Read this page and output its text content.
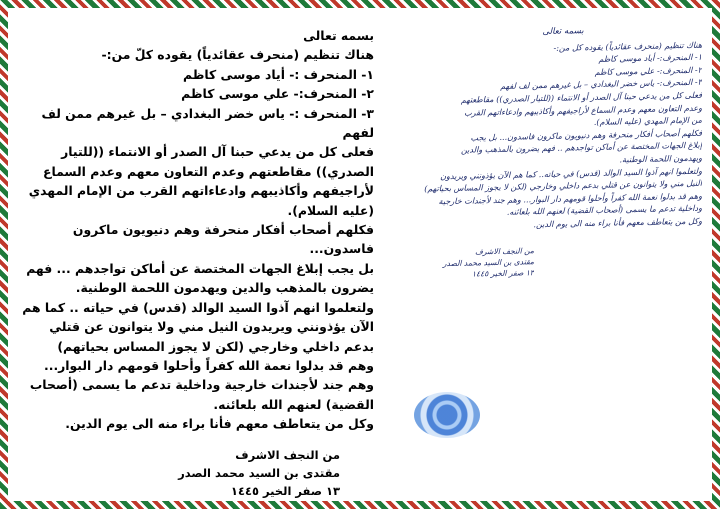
بسمه تعالى

هناك تنظيم (منحرف عقائدياً) يقوده كلّ من:-

١- المنحرف :- أياد موسى كاظم

٢- المنحرف:- علي موسى كاظم

٣- المنحرف :- ياس خضر البغدادي – بل غيرهم ممن لف لفهم

فعلى كل من يدعي حبنا آل الصدر أو الانتماء ((للتيار الصدري)) مقاطعتهم وعدم التعاون معهم وعدم السماع لأراجيفهم وأكاذيبهم وادعاءاتهم القرب من الإمام المهدي (عليه السلام).

فكلهم أصحاب أفكار منحرفة وهم دنيويون ماكرون فاسدون...

بل يجب إبلاغ الجهات المختصة عن أماكن تواجدهم ... فهم يضرون بالمذهب والدين ويهدمون اللحمة الوطنية.

ولتعلموا انهم آذوا السيد الوالد (قدس) في حياته .. كما هم الآن يؤذونني ويريدون النيل مني ولا يتوانون عن قتلي بدعم داخلي وخارجي (لكن لا يجوز المساس بحياتهم)

وهم قد بدلوا نعمة الله كفراً وأحلوا قومهم دار البوار... وهم جند لأجندات خارجية وداخلية تدعم ما يسمى (أصحاب القضية) لعنهم الله بلعائنه.

وكل من يتعاطف معهم فأنا براء منه الى يوم الدين.

من النجف الاشرف

مقتدى بن السيد محمد الصدر

١٣ صفر الخير ١٤٤٥

بسمه تعالى

هناك تنظيم (منحرف عقائدياً) يقوده كل من:-

١- المنحرف:- أياد موسى كاظم

٢- المنحرف:- علي موسى كاظم

٣- المنحرف:- ياس خضر البغدادي – بل غيرهم ممن لف لفهم

فعلى كل من يدعي حبنا آل الصدر أو الانتماء ((للتيار الصدري)) مقاطعتهم

وعدم التعاون معهم وعدم السماع لأراجيفهم وأكاذيبهم وادعاءاتهم القرب

من الإمام المهدي (عليه السلام).

فكلهم أصحاب أفكار منحرفة وهم دنيويون ماكرون فاسدون... بل يجب

إبلاغ الجهات المختصة عن أماكن تواجدهم .. فهم يضرون بالمذهب والدين

ويهدمون اللحمة الوطنية.

ولتعلموا انهم آذوا السيد الوالد (قدس) في حياته.. كما هم الآن يؤذونني ويريدون

النيل مني ولا يتوانون عن قتلي بدعم داخلي وخارجي (لكن لا يجوز المساس بحياتهم)

وهم قد بدلوا نعمة الله كفراً وأحلوا قومهم دار البوار... وهم جند لأجندات خارجية

وداخلية تدعم ما يسمى (أصحاب القضية) لعنهم الله بلعائنه.

وكل من يتعاطف معهم فأنا براء منه الى يوم الدين.

من النجف الاشرف

مقتدى بن السيد محمد الصدر

١٣ صفر الخير ١٤٤٥
